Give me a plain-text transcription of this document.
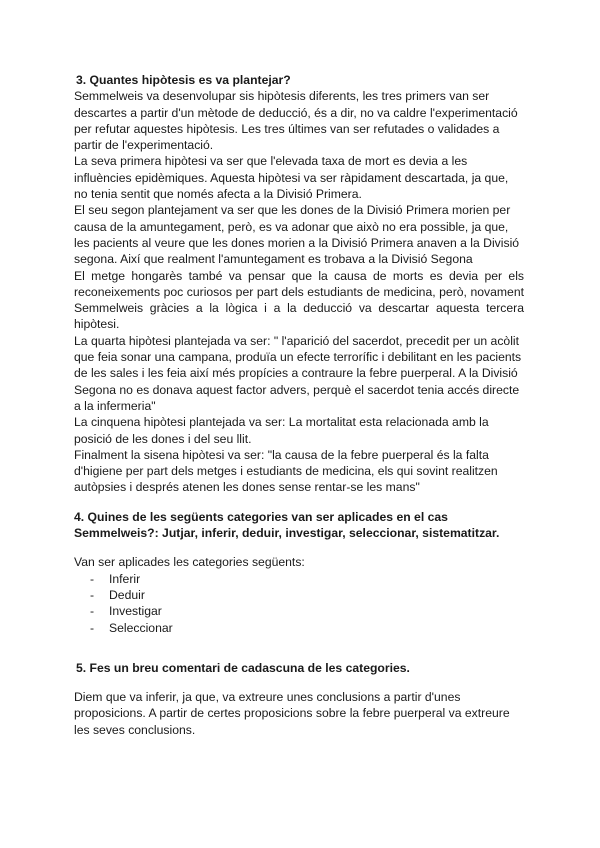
3. Quantes hipòtesis es va plantejar?

Semmelweis va desenvolupar sis hipòtesis diferents, les tres primers van ser descartes a partir d'un mètode de deducció, és a dir, no va caldre l'experimentació per refutar aquestes hipòtesis. Les tres últimes van ser refutades o validades a partir de l'experimentació.

La seva primera hipòtesi va ser que l'elevada taxa de mort es devia a les influències epidèmiques. Aquesta hipòtesi va ser ràpidament descartada, ja que, no tenia sentit que només afecta a la Divisió Primera.

El seu segon plantejament va ser que les dones de la Divisió Primera morien per causa de la amuntegament, però, es va adonar que això no era possible, ja que, les pacients al veure que les dones morien a la Divisió Primera anaven a la Divisió segona. Així que realment l'amuntegament es trobava a la Divisió Segona

El metge hongarès també va pensar que la causa de morts es devia per els reconeixements poc curiosos per part dels estudiants de medicina, però, novament Semmelweis gràcies a la lògica i a la deducció va descartar aquesta tercera hipòtesi.

La quarta hipòtesi plantejada va ser: " l'aparició del sacerdot, precedit per un acòlit que feia sonar una campana, produïa un efecte terrorífic i debilitant en les pacients de les sales i les feia així més propícies a contraure la febre puerperal. A la Divisió Segona no es donava aquest factor advers, perquè el sacerdot tenia accés directe a la infermeria"

La cinquena hipòtesi plantejada va ser: La mortalitat esta relacionada amb la posició de les dones i del seu llit.

Finalment la sisena hipòtesi va ser: "la causa de la febre puerperal és la falta d'higiene per part dels metges i estudiants de medicina, els qui sovint realitzen autòpsies i després atenen les dones sense rentar-se les mans"

4. Quines de les següents categories van ser aplicades en el cas Semmelweis?: Jutjar, inferir, deduir, investigar, seleccionar, sistematitzar.

Van ser aplicades les categories següents:

- Inferir
- Deduir
- Investigar
- Seleccionar

5. Fes un breu comentari de cadascuna de les categories.

Diem que va inferir, ja que, va extreure unes conclusions a partir d'unes proposicions. A partir de certes proposicions sobre la febre puerperal va extreure les seves conclusions.
